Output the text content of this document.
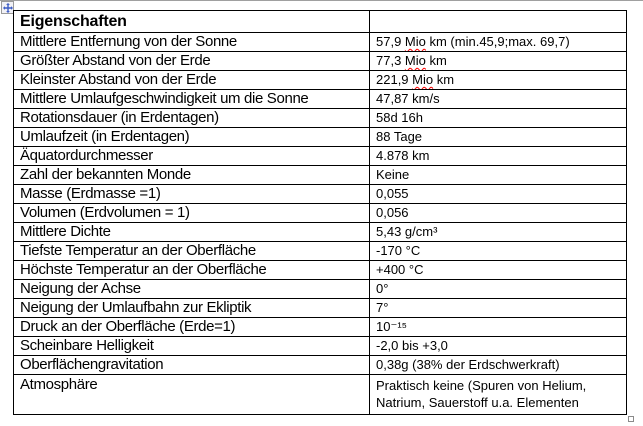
Eigenschaften	
Mittlere Entfernung von der Sonne	57,9 Mio km (min.45,9;max. 69,7)
Größter Abstand von der Erde	77,3 Mio km
Kleinster Abstand von der Erde	221,9 Mio km
Mittlere Umlaufgeschwindigkeit um die Sonne	47,87 km/s
Rotationsdauer (in Erdentagen)	58d 16h
Umlaufzeit (in Erdentagen)	88 Tage
Äquatordurchmesser	4.878 km
Zahl der bekannten Monde	Keine
Masse (Erdmasse =1)	0,055
Volumen (Erdvolumen = 1)	0,056
Mittlere Dichte	5,43 g/cm³
Tiefste Temperatur an der Oberfläche	-170 °C
Höchste Temperatur an der Oberfläche	+400 °C
Neigung der Achse	0°
Neigung der Umlaufbahn zur Ekliptik	7°
Druck an der Oberfläche (Erde=1)	10⁻¹⁵
Scheinbare Helligkeit	-2,0 bis +3,0
Oberflächengravitation	0,38g (38% der Erdschwerkraft)
Atmosphäre	Praktisch keine (Spuren von Helium,
Natrium, Sauerstoff u.a. Elementen
